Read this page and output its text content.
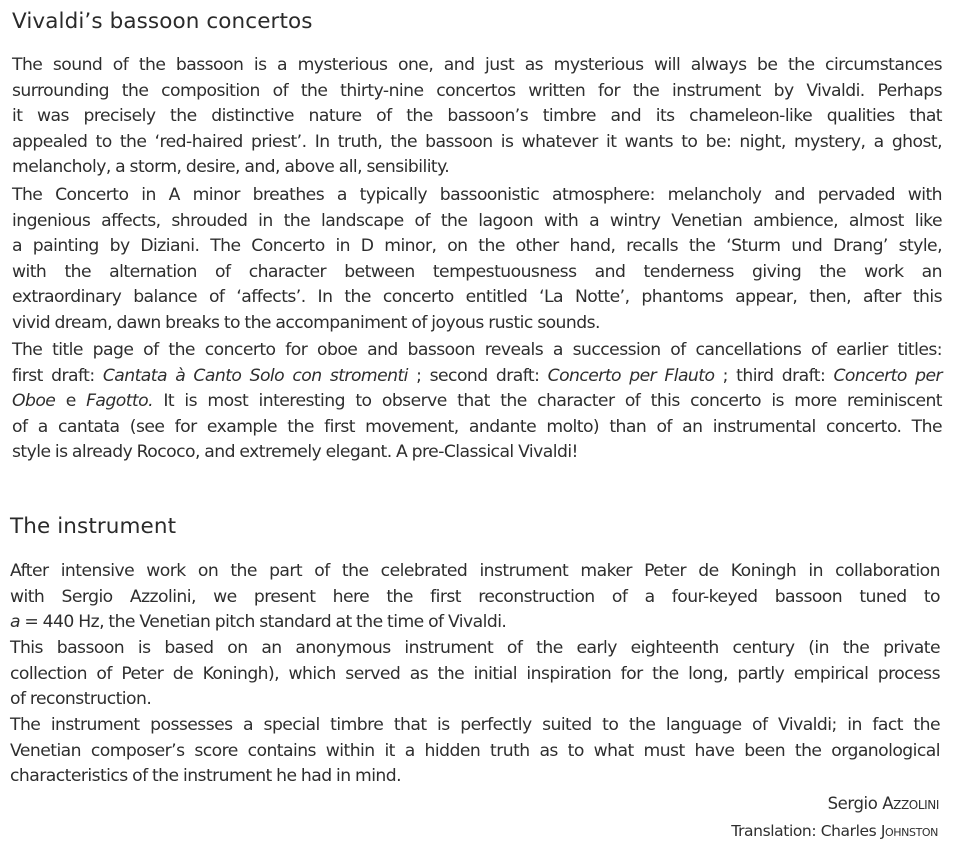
Vivaldi’s bassoon concertos
The sound of the bassoon is a mysterious one, and just as mysterious will always be the circumstances
surrounding the composition of the thirty-nine concertos written for the instrument by Vivaldi. Perhaps
it was precisely the distinctive nature of the bassoon’s timbre and its chameleon-like qualities that
appealed to the ‘red-haired priest’. In truth, the bassoon is whatever it wants to be: night, mystery, a ghost,
melancholy, a storm, desire, and, above all, sensibility.
The Concerto in A minor breathes a typically bassoonistic atmosphere: melancholy and pervaded with
ingenious affects, shrouded in the landscape of the lagoon with a wintry Venetian ambience, almost like
a painting by Diziani. The Concerto in D minor, on the other hand, recalls the ‘Sturm und Drang’ style,
with the alternation of character between tempestuousness and tenderness giving the work an
extraordinary balance of ‘affects’. In the concerto entitled ‘La Notte’, phantoms appear, then, after this
vivid dream, dawn breaks to the accompaniment of joyous rustic sounds.
The title page of the concerto for oboe and bassoon reveals a succession of cancellations of earlier titles:
first draft: Cantata à Canto Solo con stromenti ; second draft: Concerto per Flauto ; third draft: Concerto per
Oboe e Fagotto. It is most interesting to observe that the character of this concerto is more reminiscent
of a cantata (see for example the first movement, andante molto) than of an instrumental concerto. The
style is already Rococo, and extremely elegant. A pre-Classical Vivaldi!
The instrument
After intensive work on the part of the celebrated instrument maker Peter de Koningh in collaboration
with Sergio Azzolini, we present here the first reconstruction of a four-keyed bassoon tuned to
a = 440 Hz, the Venetian pitch standard at the time of Vivaldi.
This bassoon is based on an anonymous instrument of the early eighteenth century (in the private
collection of Peter de Koningh), which served as the initial inspiration for the long, partly empirical process
of reconstruction.
The instrument possesses a special timbre that is perfectly suited to the language of Vivaldi; in fact the
Venetian composer’s score contains within it a hidden truth as to what must have been the organological
characteristics of the instrument he had in mind.
Sergio Azzolini
Translation: Charles Johnston
